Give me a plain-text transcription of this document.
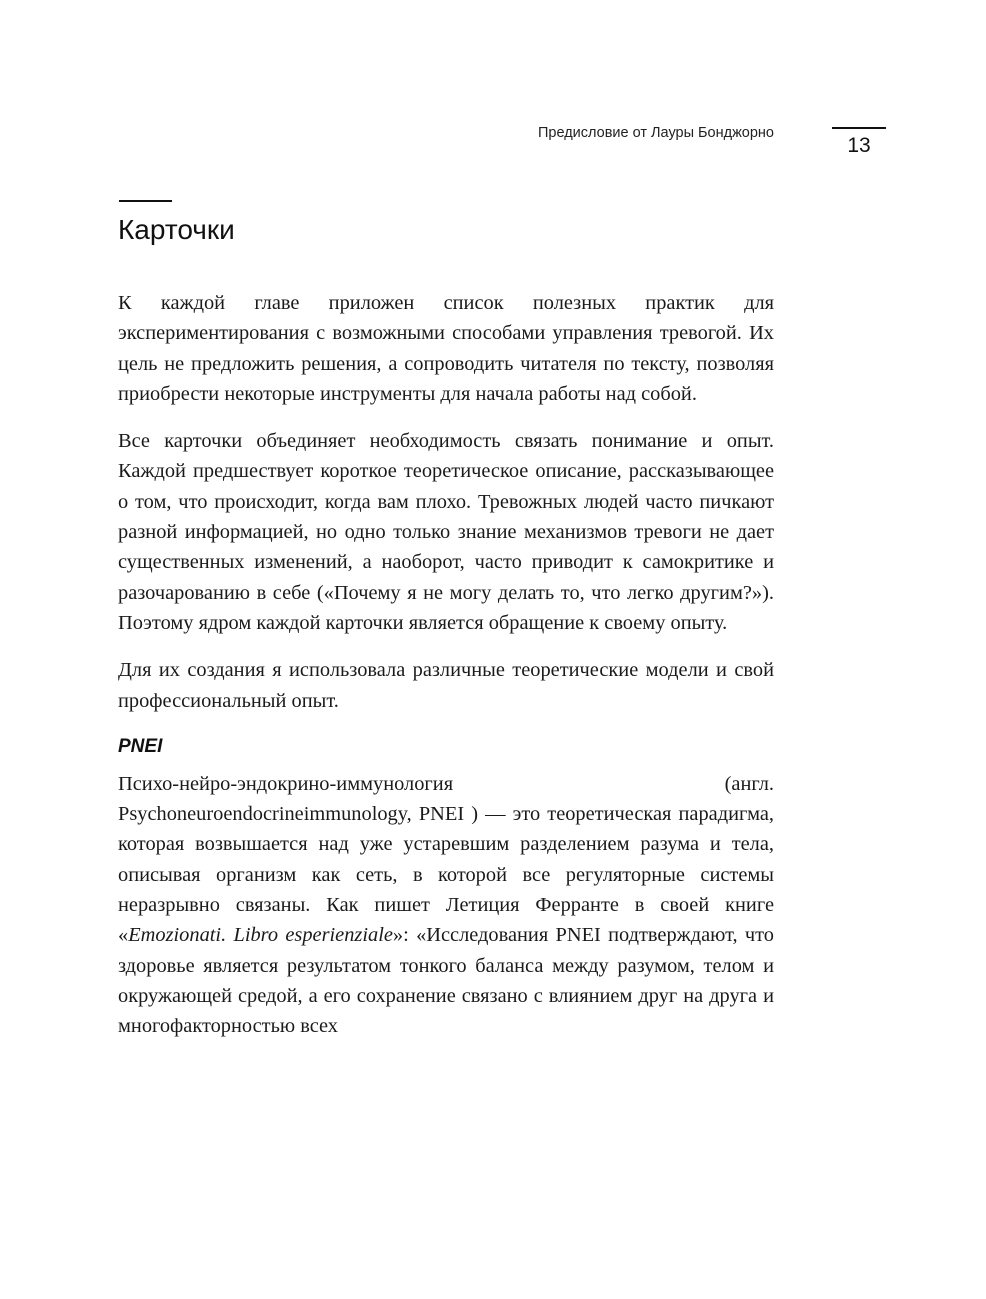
Предисловие от Лауры Бонджорно
13
Карточки

К каждой главе приложен список полезных практик для экспериментирования с возможными способами управления тревогой. Их цель не предложить решения, а сопроводить читателя по тексту, позволяя приобрести некоторые инструменты для начала работы над собой.

Все карточки объединяет необходимость связать понимание и опыт. Каждой предшествует короткое теоретическое описание, рассказывающее о том, что происходит, когда вам плохо. Тревожных людей часто пичкают разной информацией, но одно только знание механизмов тревоги не дает существенных изменений, а наоборот, часто приводит к самокритике и разочарованию в себе («Почему я не могу делать то, что легко другим?»). Поэтому ядром каждой карточки является обращение к своему опыту.

Для их создания я использовала различные теоретические модели и свой профессиональный опыт.

PNEI

Психо-нейро-эндокрино-иммунология (англ. Psychoneuroendocrineimmunology, PNEI ) — это теоретическая парадигма, которая возвышается над уже устаревшим разделением разума и тела, описывая организм как сеть, в которой все регуляторные системы неразрывно связаны. Как пишет Летиция Ферранте в своей книге «Emozionati. Libro esperienziale»: «Исследования PNEI подтверждают, что здоровье является результатом тонкого баланса между разумом, телом и окружающей средой, а его сохранение связано с влиянием друг на друга и многофакторностью всех
